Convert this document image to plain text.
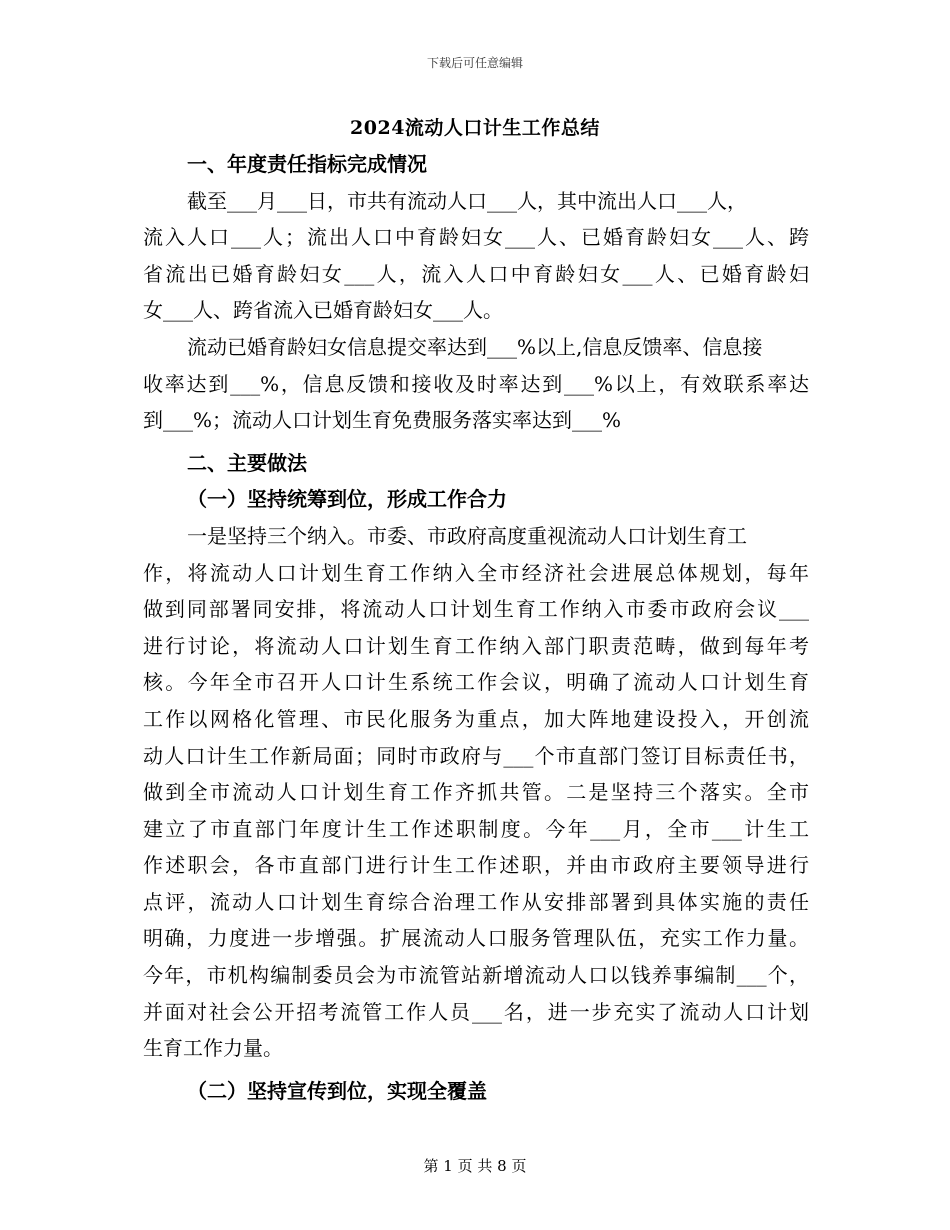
下载后可任意编辑
2024流动人口计生工作总结
一、年度责任指标完成情况
截至___月___日，市共有流动人口___人，其中流出人口___人，
流入人口___人；流出人口中育龄妇女___人、已婚育龄妇女___人、跨
省流出已婚育龄妇女___人，流入人口中育龄妇女___人、已婚育龄妇
女___人、跨省流入已婚育龄妇女___人。
流动已婚育龄妇女信息提交率达到___%以上,信息反馈率、信息接
收率达到___%，信息反馈和接收及时率达到___%以上，有效联系率达
到___%；流动人口计划生育免费服务落实率达到___%
二、主要做法
（一）坚持统筹到位，形成工作合力
一是坚持三个纳入。市委、市政府高度重视流动人口计划生育工
作，将流动人口计划生育工作纳入全市经济社会进展总体规划，每年
做到同部署同安排，将流动人口计划生育工作纳入市委市政府会议___
进行讨论，将流动人口计划生育工作纳入部门职责范畴，做到每年考
核。今年全市召开人口计生系统工作会议，明确了流动人口计划生育
工作以网格化管理、市民化服务为重点，加大阵地建设投入，开创流
动人口计生工作新局面；同时市政府与___个市直部门签订目标责任书，
做到全市流动人口计划生育工作齐抓共管。二是坚持三个落实。全市
建立了市直部门年度计生工作述职制度。今年___月，全市___计生工
作述职会，各市直部门进行计生工作述职，并由市政府主要领导进行
点评，流动人口计划生育综合治理工作从安排部署到具体实施的责任
明确，力度进一步增强。扩展流动人口服务管理队伍，充实工作力量。
今年，市机构编制委员会为市流管站新增流动人口以钱养事编制___个，
并面对社会公开招考流管工作人员___名，进一步充实了流动人口计划
生育工作力量。
（二）坚持宣传到位，实现全覆盖
第 1 页 共 8 页
